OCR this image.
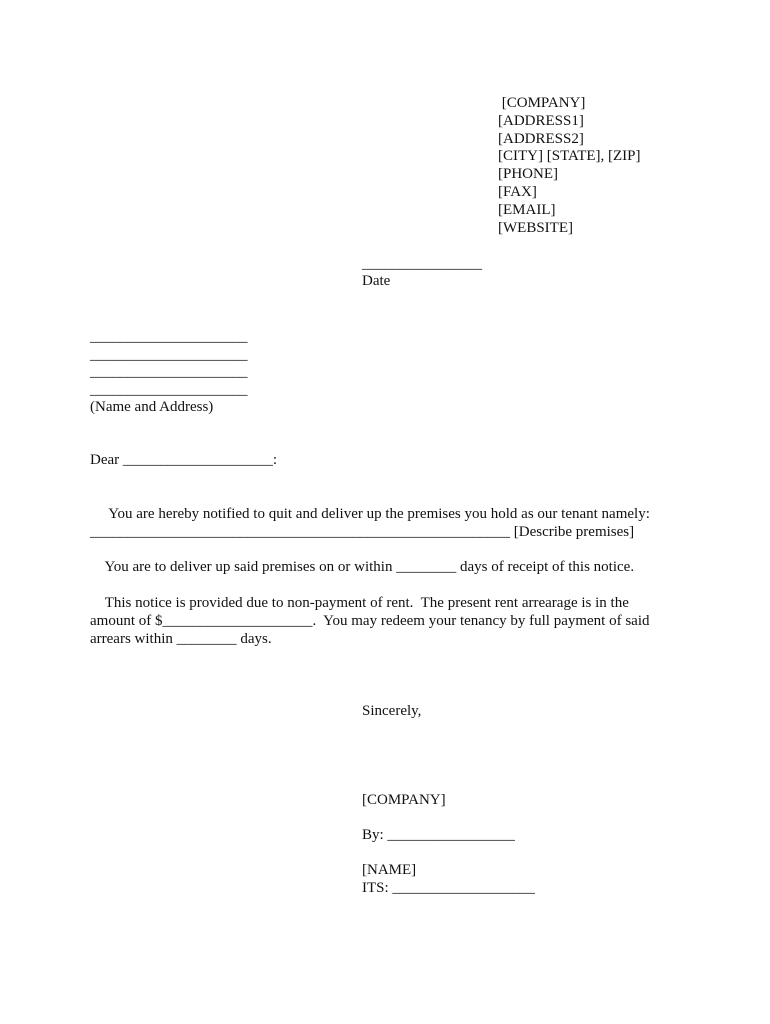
[COMPANY]
[ADDRESS1]
[ADDRESS2]
[CITY] [STATE], [ZIP]
[PHONE]
[FAX]
[EMAIL]
[WEBSITE]
________________
Date
_____________________
_____________________
_____________________
_____________________
(Name and Address)
Dear ____________________:
You are hereby notified to quit and deliver up the premises you hold as our tenant namely:
________________________________________________________ [Describe premises]
You are to deliver up said premises on or within ________ days of receipt of this notice.
This notice is provided due to non-payment of rent.  The present rent arrearage is in the
amount of $____________________.  You may redeem your tenancy by full payment of said
arrears within ________ days.
Sincerely,
[COMPANY]
By: _________________
[NAME]
ITS: ___________________
